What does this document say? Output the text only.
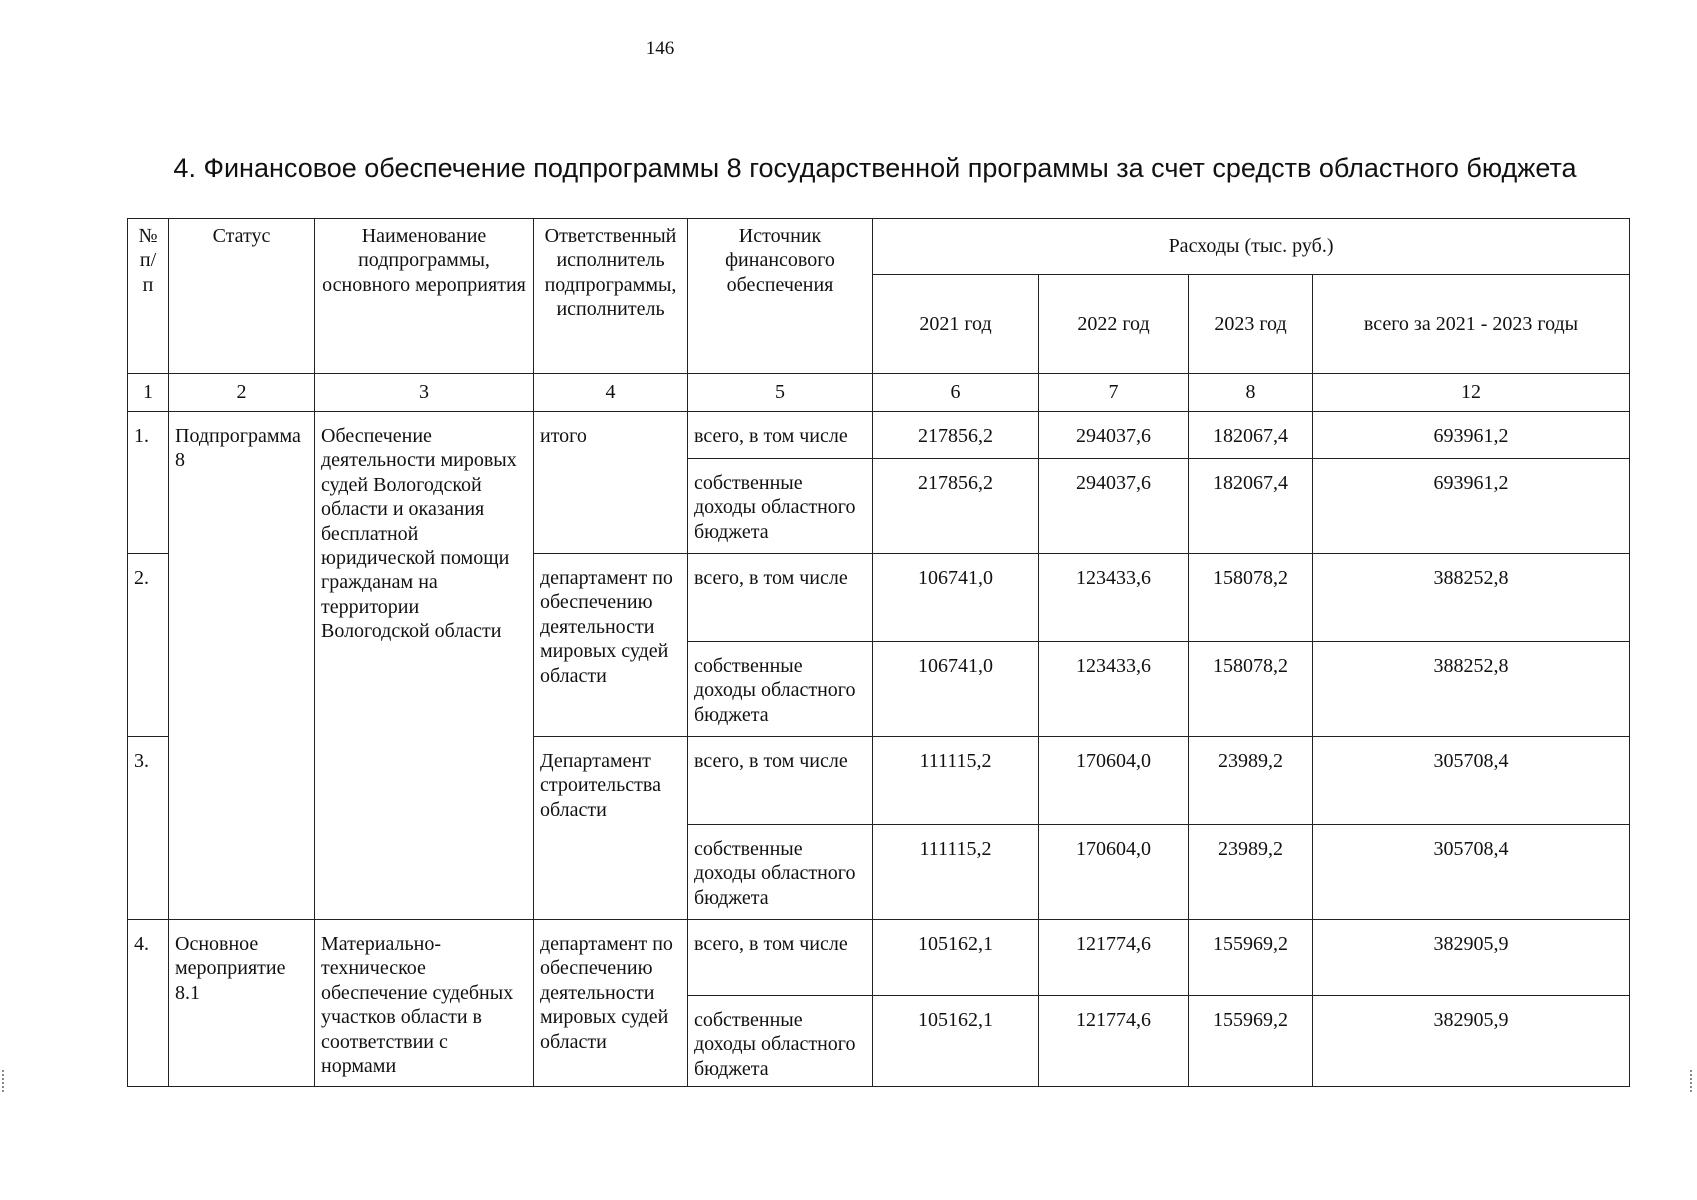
146
4. Финансовое обеспечение подпрограммы 8 государственной программы за счет средств областного бюджета
№ п/ п	Статус	Наименование подпрограммы, основного мероприятия	Ответственный исполнитель подпрограммы, исполнитель	Источник финансового обеспечения	Расходы (тыс. руб.)			
					2021 год	2022 год	2023 год	всего за 2021 - 2023 годы
1	2	3	4	5	6	7	8	12
1.	Подпрограмма 8	Обеспечение деятельности мировых судей Вологодской области и оказания бесплатной юридической помощи гражданам на территории Вологодской области	итого	всего, в том числе	217856,2	294037,6	182067,4	693961,2
				собственные доходы областного бюджета	217856,2	294037,6	182067,4	693961,2
2.			департамент по обеспечению деятельности мировых судей области	всего, в том числе	106741,0	123433,6	158078,2	388252,8
				собственные доходы областного бюджета	106741,0	123433,6	158078,2	388252,8
3.			Департамент строительства области	всего, в том числе	111115,2	170604,0	23989,2	305708,4
				собственные доходы областного бюджета	111115,2	170604,0	23989,2	305708,4
4.	Основное мероприятие 8.1	Материально-техническое обеспечение судебных участков области в соответствии с нормами	департамент по обеспечению деятельности мировых судей области	всего, в том числе	105162,1	121774,6	155969,2	382905,9
				собственные доходы областного бюджета	105162,1	121774,6	155969,2	382905,9
